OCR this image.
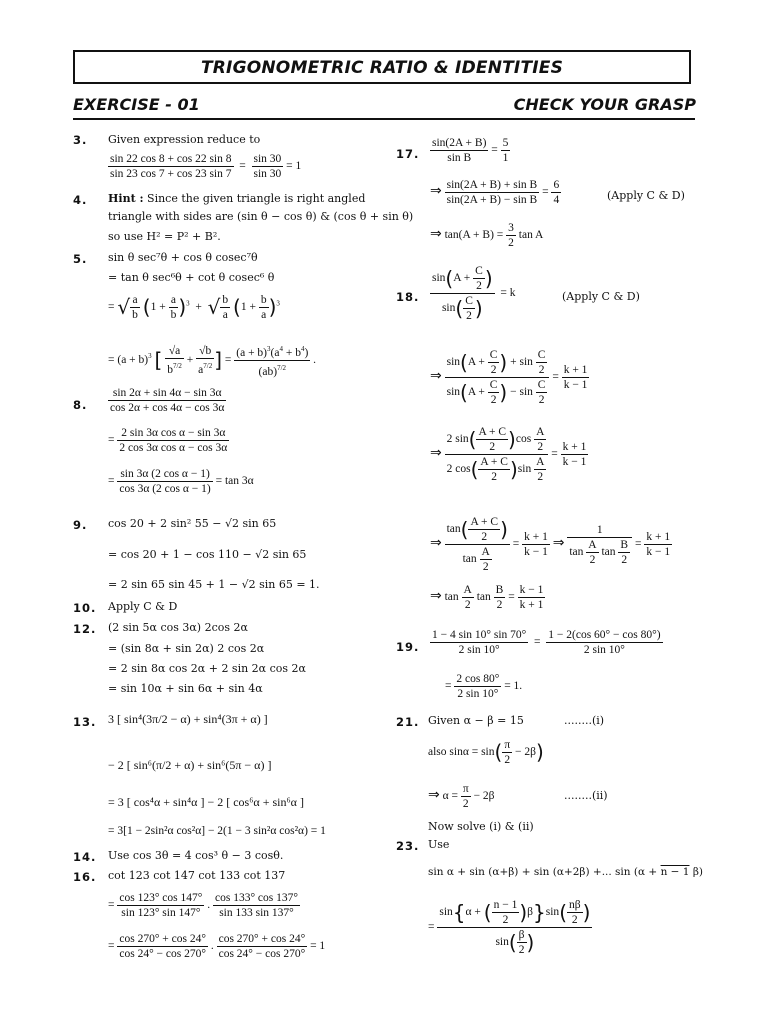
TRIGONOMETRIC RATIO & IDENTITIES
EXERCISE - 01	CHECK YOUR GRASP
3. Given expression reduce to
$\frac{\sin 22 \cos 8 + \cos 22 \sin 8}{\sin 23 \cos 7 + \cos 23 \sin 7} = \frac{\sin 30}{\sin 30} = 1$
4. Hint : Since the given triangle is right angled
triangle with sides are (sin θ − cos θ) & (cos θ + sin θ)
so use H² = P² + B².
5. sin θ sec⁷θ + cos θ cosec⁷θ
= tan θ sec⁶θ + cot θ cosec⁶ θ
= √ $\frac{a}{b} (1 + \frac{a}{b} )^3$  +  √ $\frac{b}{a} (1 + \frac{b}{a} )^3$
= $(a + b)^3$ [ $\frac{√a}{b^{7/2}} + \frac{√b}{a^{7/2}}$ ] = $\frac{(a + b)^3(a^4 + b^4)}{(ab)^{7/2}}$ .
8. $\frac{\sin 2\alpha + \sin 4\alpha - \sin 3\alpha}{\cos 2\alpha + \cos 4\alpha - \cos 3\alpha}$
= $\frac{\text{2 sin 3α cos α − sin 3α}}{\text{2 cos 3α cos α − cos 3α}}$
= $\frac{\text{sin 3α (2 cos α − 1)}}{\text{cos 3α (2 cos α − 1)}} = \tan 3\alpha$
9. cos 20 + 2 sin² 55 − √2 sin 65
= cos 20 + 1 − cos 110 − √2 sin 65
= 2 sin 65 sin 45 + 1 − √2 sin 65 = 1.
10. Apply C & D
12. (2 sin 5α cos 3α) 2cos 2α
= (sin 8α + sin 2α) 2 cos 2α
= 2 sin 8α cos 2α + 2 sin 2α cos 2α
= sin 10α + sin 6α + sin 4α
13. 3 [ sin⁴(3π/2 − α) + sin⁴(3π + α) ]
− 2 [ sin⁶(π/2 + α) + sin⁶(5π − α) ]
= 3 [ cos⁴α + sin⁴α ] − 2 [ cos⁶α + sin⁶α ]
= 3[1 − 2sin²α cos²α] − 2(1 − 3 sin²α cos²α) = 1
14. Use cos 3θ = 4 cos³ θ − 3 cosθ.
16. cot 123 cot 147 cot 133 cot 137
= $\frac{\cos 123^\circ \cos 147^\circ}{\sin 123^\circ \sin 147^\circ}$ . $\frac{\cos 133^\circ \cos 137^\circ}{\sin 133 \sin 137^\circ}$
= $\frac{\cos 270^\circ + \cos 24^\circ}{\cos 24^\circ - \cos 270^\circ}$ . $\frac{\cos 270^\circ + \cos 24^\circ}{\cos 24^\circ - \cos 270^\circ} = 1$
17. $\frac{\sin(2A + B)}{\text{sin B}} = \frac{5}{1}$
⇒ $\frac{\text{sin(2A + B) + sin B}}{\text{sin(2A + B) − sin B}} = \frac{6}{4}$	(Apply C & D)
⇒ $\tan(A + B) = \frac{3}{2}$ tan A
18. $\frac{\sin(A + \frac{C}{2} )}{\sin( \frac{C}{2} )} = k$	(Apply C & D)
⇒ $\frac{\sin(A + \frac{C}{2} ) + \sin \frac{C}{2}}{\sin(A + \frac{C}{2} ) - \sin \frac{C}{2}} = \frac{k + 1}{k - 1}$
⇒ $\frac{2 \sin( \frac{A + C}{2} )\cos \frac{A}{2}}{2 \cos( \frac{A + C}{2} )\sin \frac{A}{2}} = \frac{k + 1}{k - 1}$
⇒ $\frac{\tan( \frac{A + C}{2} )}{\tan \frac{A}{2}} = \frac{k + 1}{k - 1}$ ⇒ $\frac{1}{\tan \frac{A}{2} \tan \frac{B}{2}} = \frac{k + 1}{k - 1}$
⇒ $\tan \frac{A}{2}$ $\tan \frac{B}{2} = \frac{k - 1}{k + 1}$
19. $\frac{1 - 4 \sin 10^\circ \sin 70^\circ}{2 \sin 10^\circ} = \frac{1 - 2(\cos 60^\circ - \cos 80^\circ)}{2 \sin 10^\circ}$
= $\frac{2 \cos 80^\circ}{2 \sin 10^\circ} = 1$.
21. Given α − β = 15	........(i)
also $\sin\alpha = \sin( \frac{\pi}{2} - 2\beta)$
⇒ $\alpha = \frac{\pi}{2} - 2\beta$	........(ii)
Now solve (i) & (ii)
23. Use
sin α + sin (α+β) + sin (α+2β) +... sin (α + n − 1 β)
= $\frac{\sin\{\alpha + ( \frac{n - 1}{2} )\beta\}\sin( \frac{n\beta}{2} )}{\sin( \frac{\beta}{2} )}$
